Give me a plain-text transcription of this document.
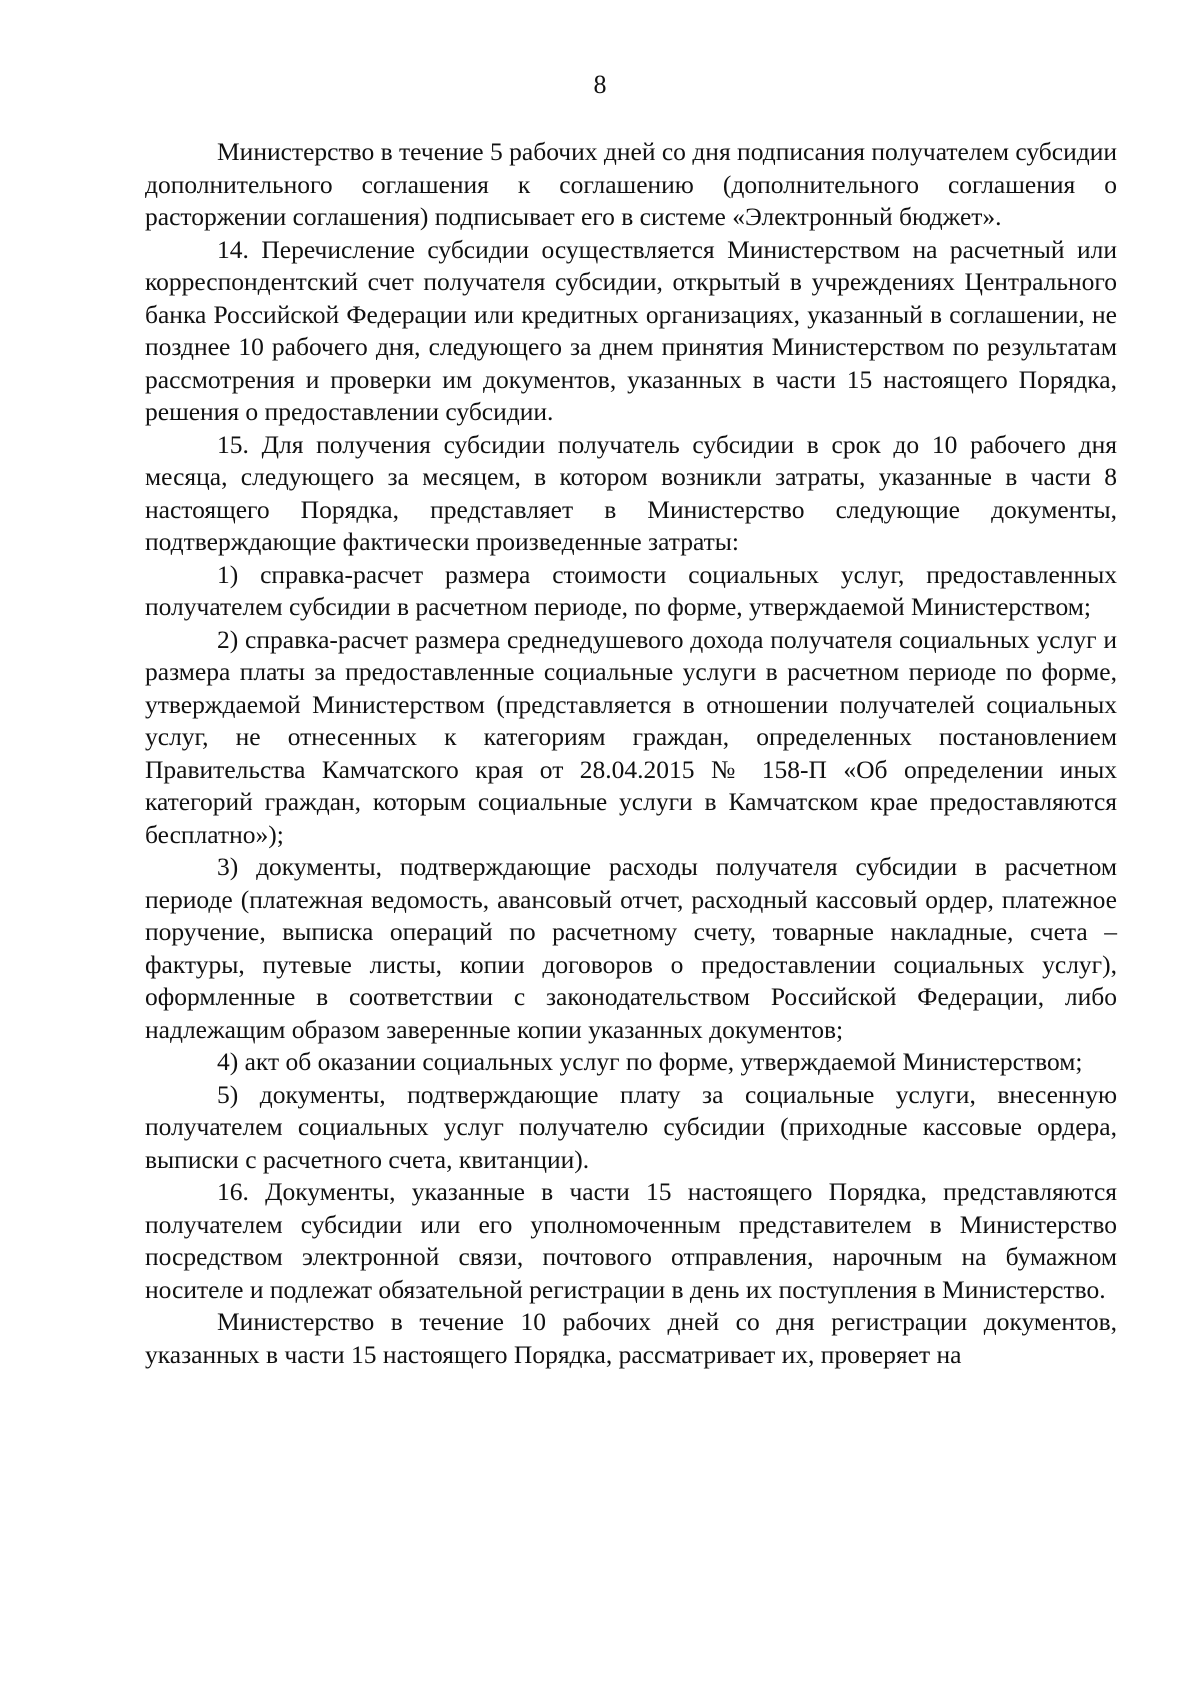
8

Министерство в течение 5 рабочих дней со дня подписания получателем субсидии дополнительного соглашения к соглашению (дополнительного соглашения о расторжении соглашения) подписывает его в системе «Электронный бюджет».

14. Перечисление субсидии осуществляется Министерством на расчетный или корреспондентский счет получателя субсидии, открытый в учреждениях Центрального банка Российской Федерации или кредитных организациях, указанный в соглашении, не позднее 10 рабочего дня, следующего за днем принятия Министерством по результатам рассмотрения и проверки им документов, указанных в части 15 настоящего Порядка, решения о предоставлении субсидии.

15. Для получения субсидии получатель субсидии в срок до 10 рабочего дня месяца, следующего за месяцем, в котором возникли затраты, указанные в части 8 настоящего Порядка, представляет в Министерство следующие документы, подтверждающие фактически произведенные затраты:

1) справка-расчет размера стоимости социальных услуг, предоставленных получателем субсидии в расчетном периоде, по форме, утверждаемой Министерством;

2) справка-расчет размера среднедушевого дохода получателя социальных услуг и размера платы за предоставленные социальные услуги в расчетном периоде по форме, утверждаемой Министерством (представляется в отношении получателей социальных услуг, не отнесенных к категориям граждан, определенных постановлением Правительства Камчатского края от 28.04.2015 № 158-П «Об определении иных категорий граждан, которым социальные услуги в Камчатском крае предоставляются бесплатно»);

3) документы, подтверждающие расходы получателя субсидии в расчетном периоде (платежная ведомость, авансовый отчет, расходный кассовый ордер, платежное поручение, выписка операций по расчетному счету, товарные накладные, счета – фактуры, путевые листы, копии договоров о предоставлении социальных услуг), оформленные в соответствии с законодательством Российской Федерации, либо надлежащим образом заверенные копии указанных документов;

4) акт об оказании социальных услуг по форме, утверждаемой Министерством;

5) документы, подтверждающие плату за социальные услуги, внесенную получателем социальных услуг получателю субсидии (приходные кассовые ордера, выписки с расчетного счета, квитанции).

16. Документы, указанные в части 15 настоящего Порядка, представляются получателем субсидии или его уполномоченным представителем в Министерство посредством электронной связи, почтового отправления, нарочным на бумажном носителе и подлежат обязательной регистрации в день их поступления в Министерство.

Министерство в течение 10 рабочих дней со дня регистрации документов, указанных в части 15 настоящего Порядка, рассматривает их, проверяет на
